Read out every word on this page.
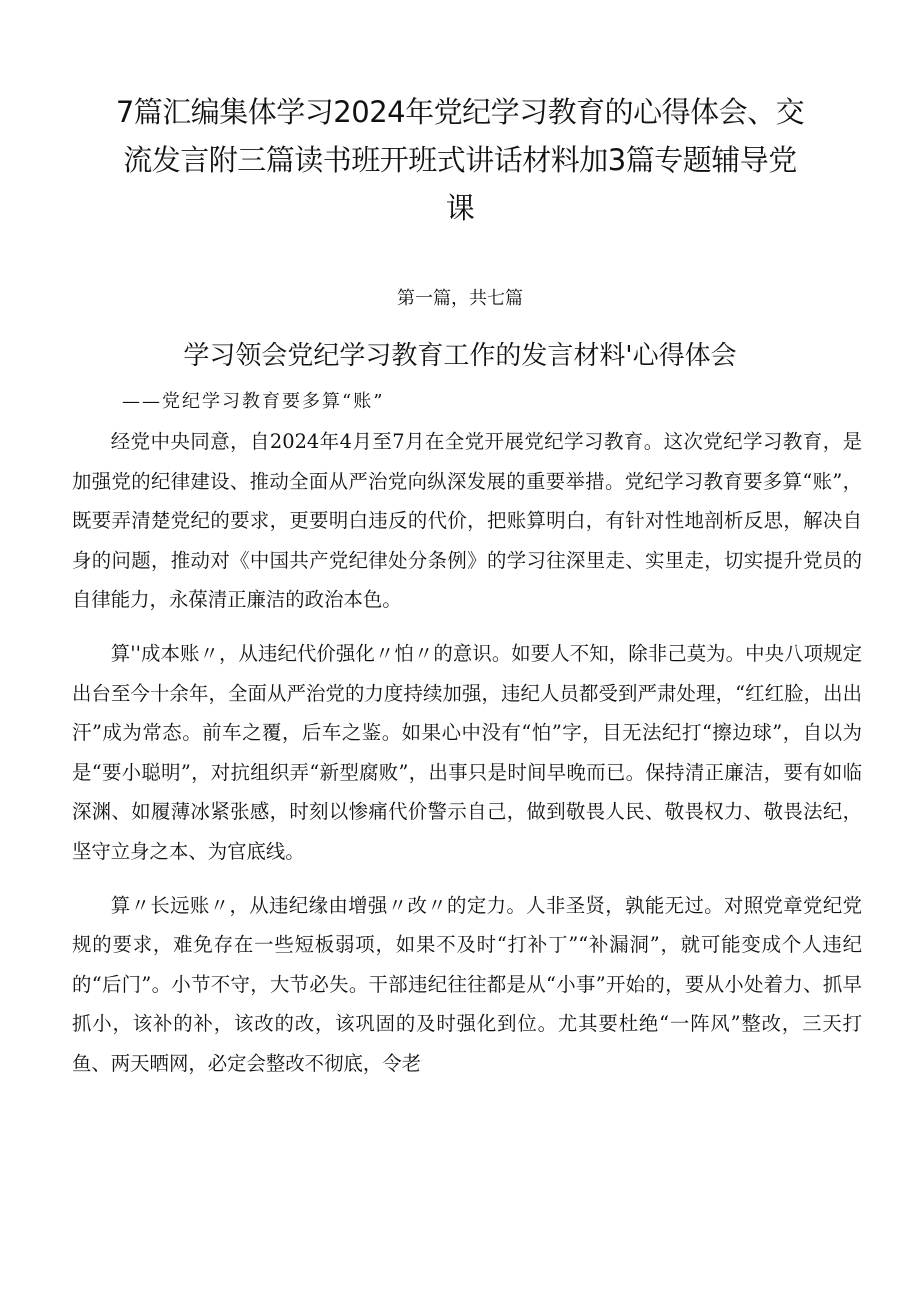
7篇汇编集体学习2024年党纪学习教育的心得体会、交流发言附三篇读书班开班式讲话材料加3篇专题辅导党课
第一篇，共七篇
学习领会党纪学习教育工作的发言材料'心得体会
——党纪学习教育要多算“账”

经党中央同意，自2024年4月至7月在全党开展党纪学习教育。这次党纪学习教育，是加强党的纪律建设、推动全面从严治党向纵深发展的重要举措。党纪学习教育要多算“账”，既要弄清楚党纪的要求，更要明白违反的代价，把账算明白，有针对性地剖析反思，解决自身的问题，推动对《中国共产党纪律处分条例》的学习往深里走、实里走，切实提升党员的自律能力，永葆清正廉洁的政治本色。

算''成本账〃，从违纪代价强化〃怕〃的意识。如要人不知，除非己莫为。中央八项规定出台至今十余年，全面从严治党的力度持续加强，违纪人员都受到严肃处理，“红红脸，出出汗”成为常态。前车之覆，后车之鉴。如果心中没有“怕”字，目无法纪打“擦边球”，自以为是“要小聪明”，对抗组织弄“新型腐败”，出事只是时间早晚而已。保持清正廉洁，要有如临深渊、如履薄冰紧张感，时刻以惨痛代价警示自己，做到敬畏人民、敬畏权力、敬畏法纪，坚守立身之本、为官底线。

算〃长远账〃，从违纪缘由增强〃改〃的定力。人非圣贤，孰能无过。对照党章党纪党规的要求，难免存在一些短板弱项，如果不及时“打补丁”“补漏洞”，就可能变成个人违纪的“后门”。小节不守，大节必失。干部违纪往往都是从“小事”开始的，要从小处着力、抓早抓小，该补的补，该改的改，该巩固的及时强化到位。尤其要杜绝“一阵风”整改，三天打鱼、两天晒网，必定会整改不彻底，令老
